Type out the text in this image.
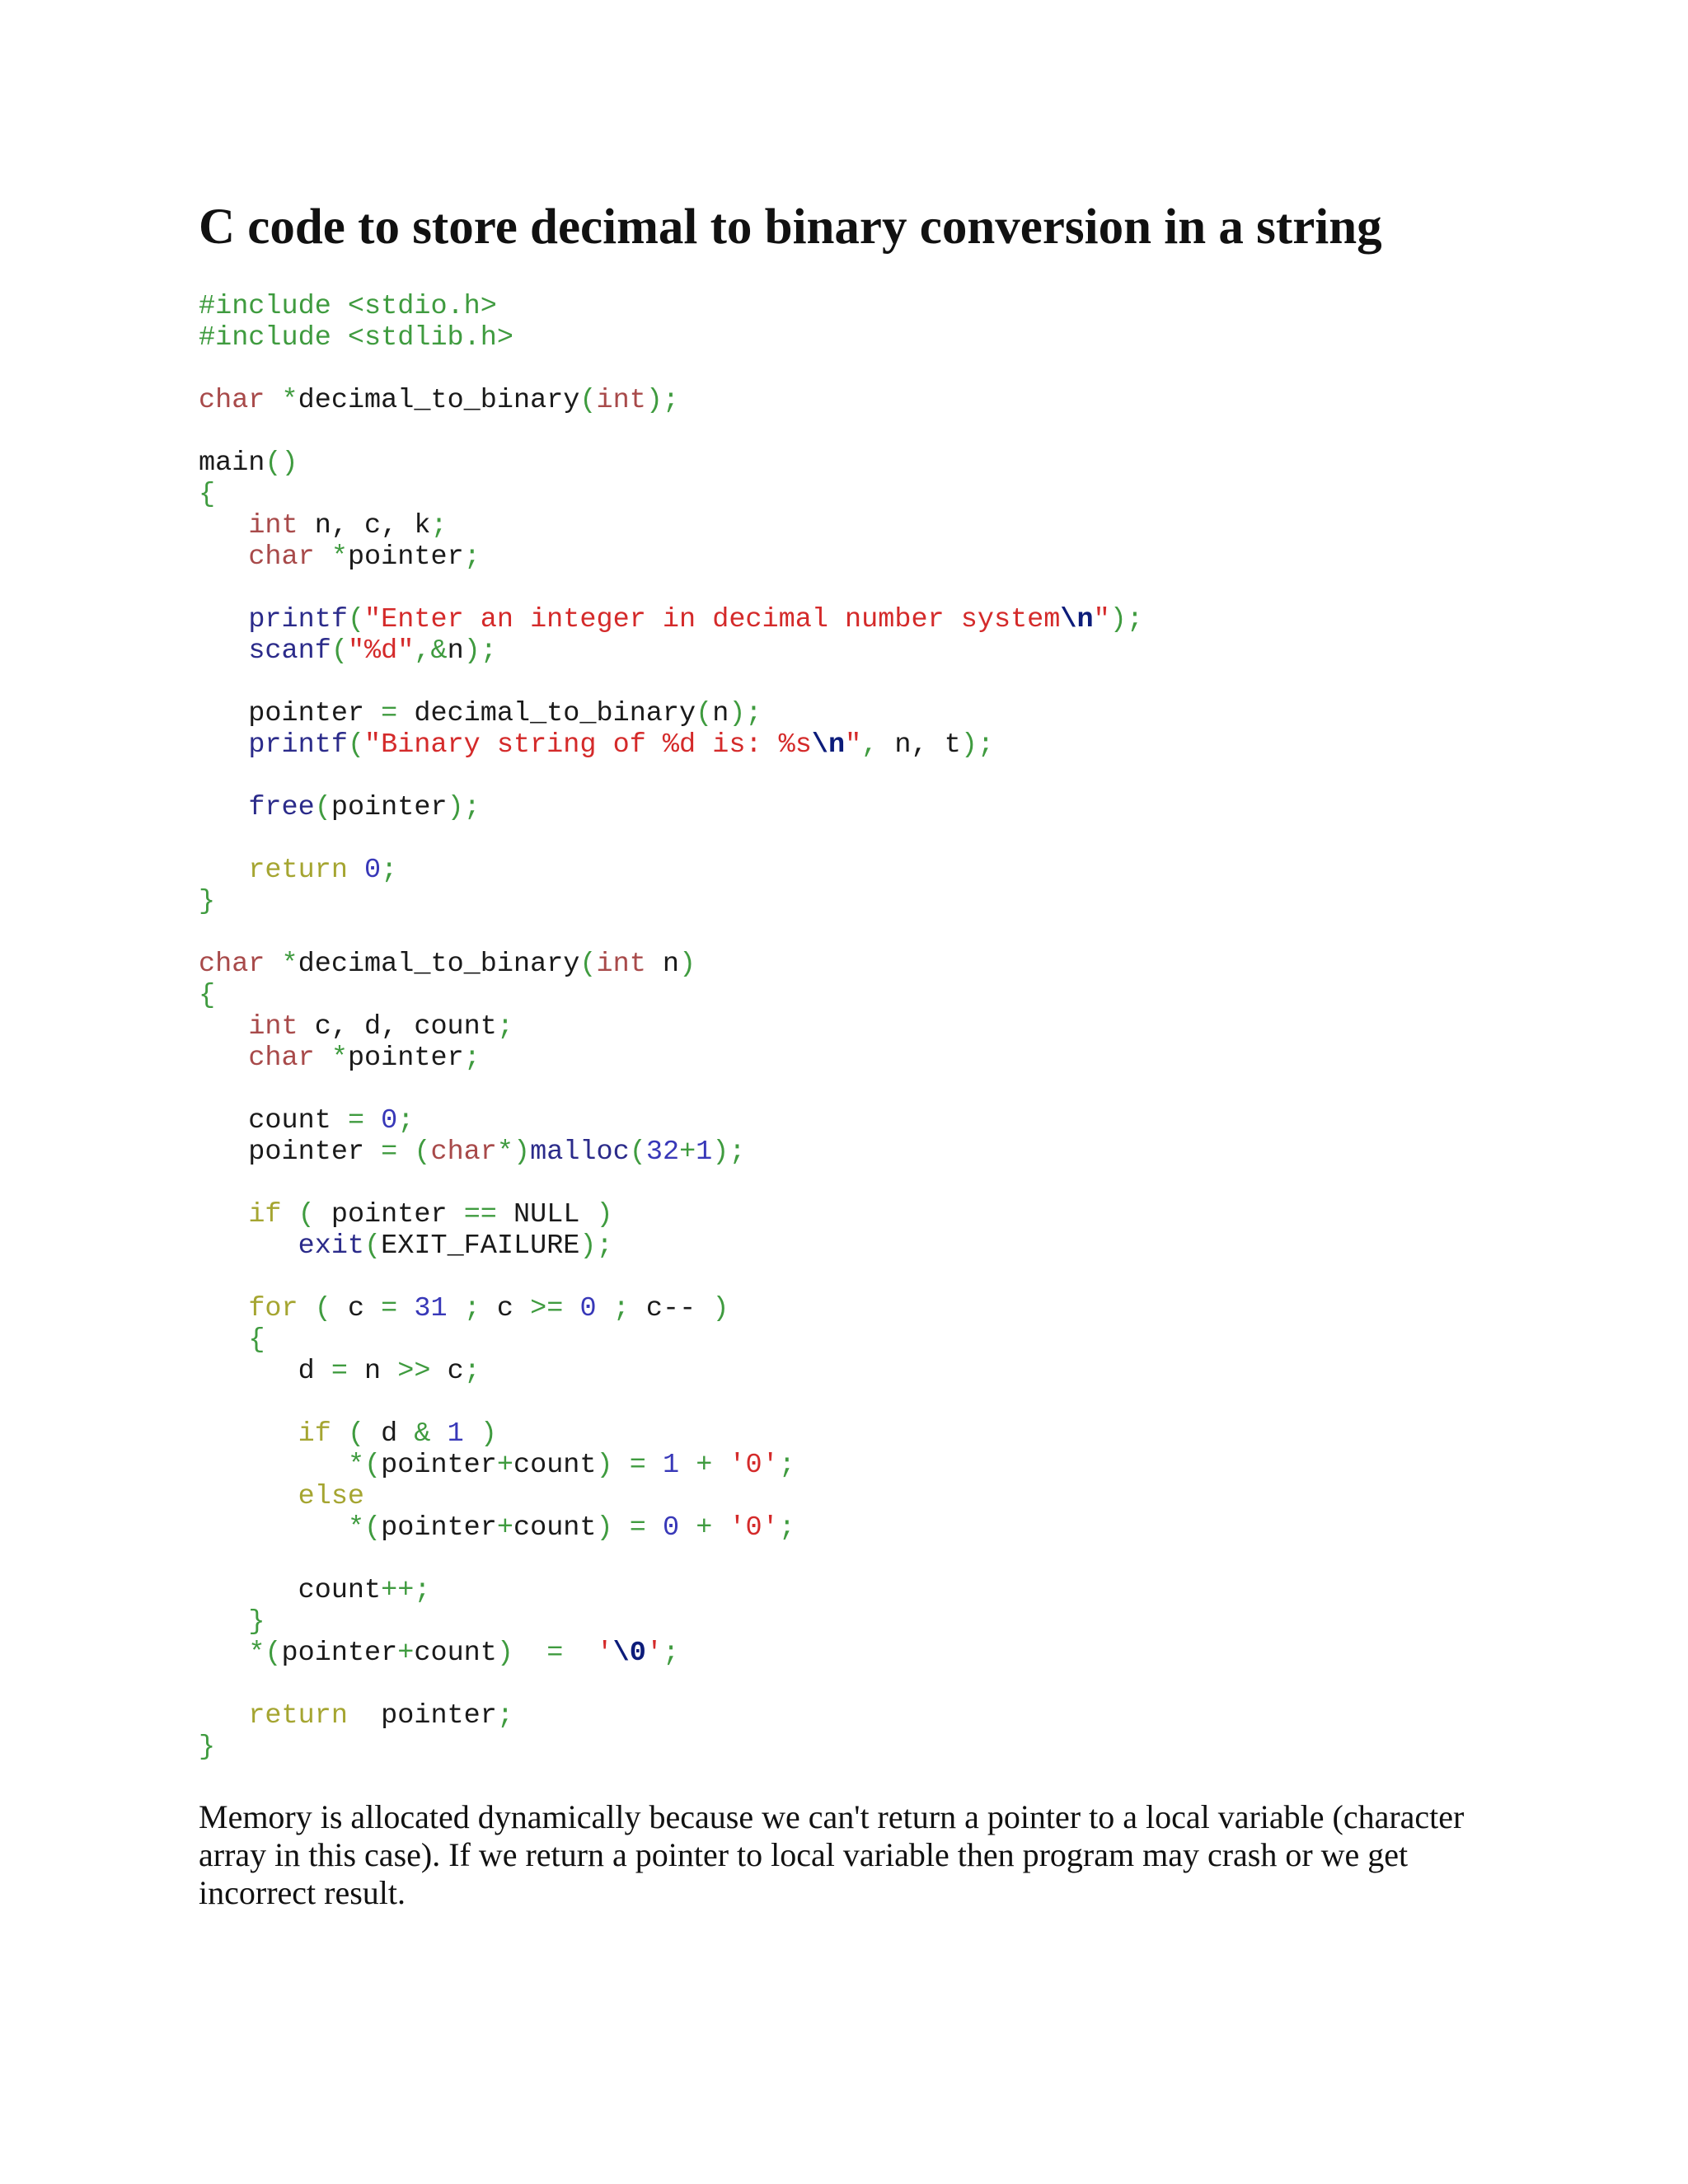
C code to store decimal to binary conversion in a string
#include <stdio.h>
#include <stdlib.h>
char *decimal_to_binary(int);
main()
{
int n, c, k;
char *pointer;
printf("Enter an integer in decimal number system\n");
scanf("%d",&n);
pointer = decimal_to_binary(n);
printf("Binary string of %d is: %s\n", n, t);
free(pointer);
return 0;
}
char *decimal_to_binary(int n)
{
int c, d, count;
char *pointer;
count = 0;
pointer = (char*)malloc(32+1);
if ( pointer == NULL )
exit(EXIT_FAILURE);
for ( c = 31 ; c >= 0 ; c-- )
{
d = n >> c;
if ( d & 1 )
*(pointer+count) = 1 + '0';
else
*(pointer+count) = 0 + '0';
count++;
}
*(pointer+count) = '\0';
return  pointer;
}

Memory is allocated dynamically because we can't return a pointer to a local variable (character array in this case). If we return a pointer to local variable then program may crash or we get incorrect result.
